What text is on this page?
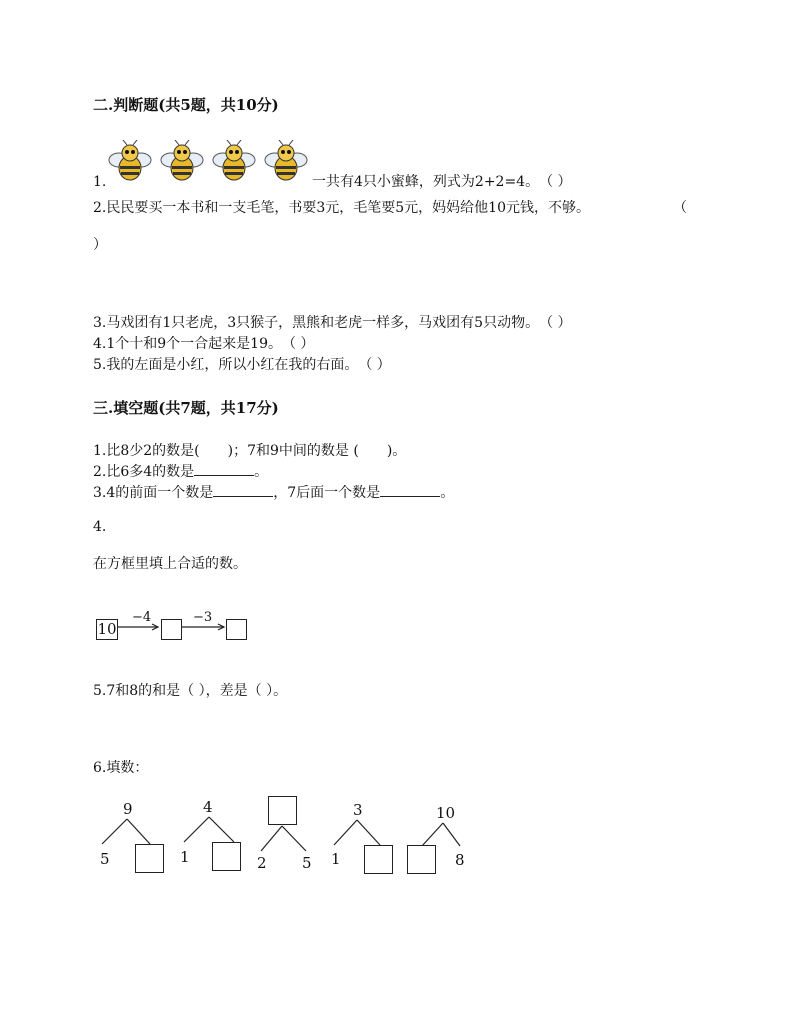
二.判断题(共5题，共10分)
1.	一共有4只小蜜蜂，列式为2+2=4。　（ ）
2.民民要买一本书和一支毛笔，书要3元，毛笔要5元，妈妈给他10元钱，不够。	（
）
3.马戏团有1只老虎，3只猴子，黑熊和老虎一样多，马戏团有5只动物。　（ ）
4.1个十和9个一合起来是19。　（ ）
5.我的左面是小红，所以小红在我的右面。　（ ）
三.填空题(共7题，共17分)
1.比8少2的数是(　　)；7和9中间的数是 (　　)。
2.比6多4的数是	。
3.4的前面一个数是	，7后面一个数是	。
4.
在方框里填上合适的数。
10
−4	−3
5.7和8的和是（ ），差是（ ）。
6.填数：
9
5
4
1	2 5
3
1
10
8
